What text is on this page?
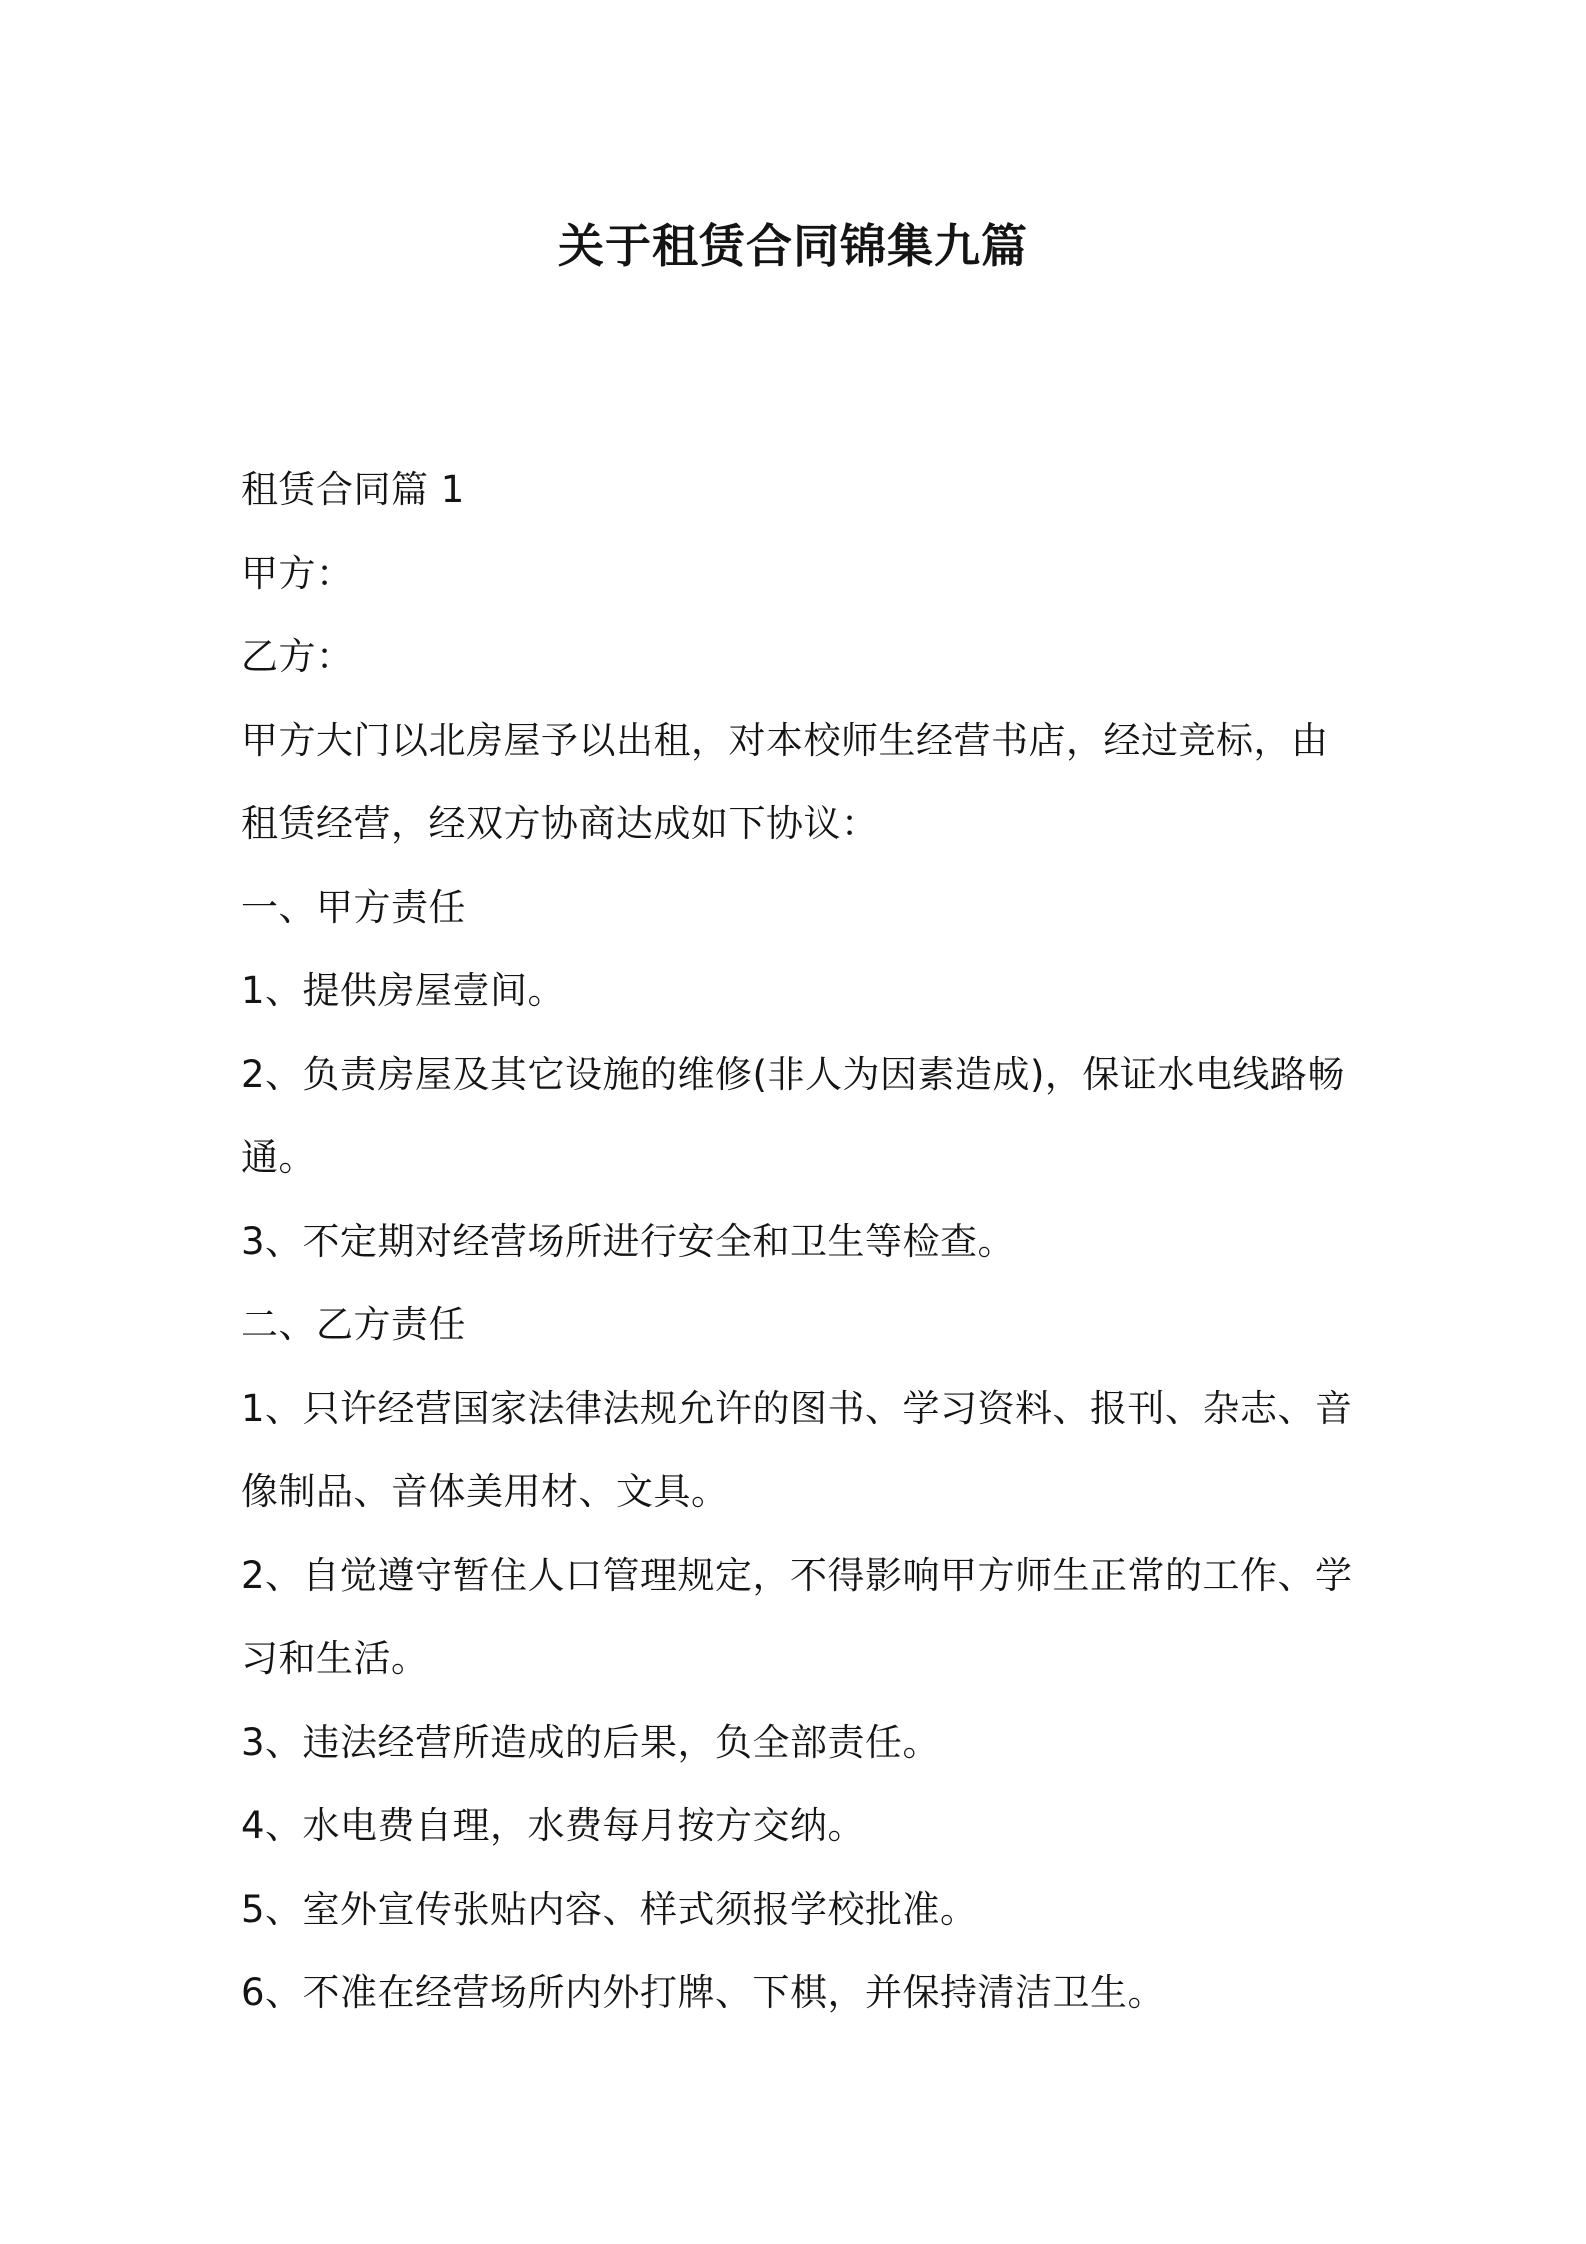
关于租赁合同锦集九篇

租赁合同篇 1

甲方：

乙方：

甲方大门以北房屋予以出租，对本校师生经营书店，经过竞标，由租赁经营，经双方协商达成如下协议：

一、甲方责任

1、提供房屋壹间。

2、负责房屋及其它设施的维修(非人为因素造成)，保证水电线路畅通。

3、不定期对经营场所进行安全和卫生等检查。

二、乙方责任

1、只许经营国家法律法规允许的图书、学习资料、报刊、杂志、音像制品、音体美用材、文具。

2、自觉遵守暂住人口管理规定，不得影响甲方师生正常的工作、学习和生活。

3、违法经营所造成的后果，负全部责任。

4、水电费自理，水费每月按方交纳。

5、室外宣传张贴内容、样式须报学校批准。

6、不准在经营场所内外打牌、下棋，并保持清洁卫生。
